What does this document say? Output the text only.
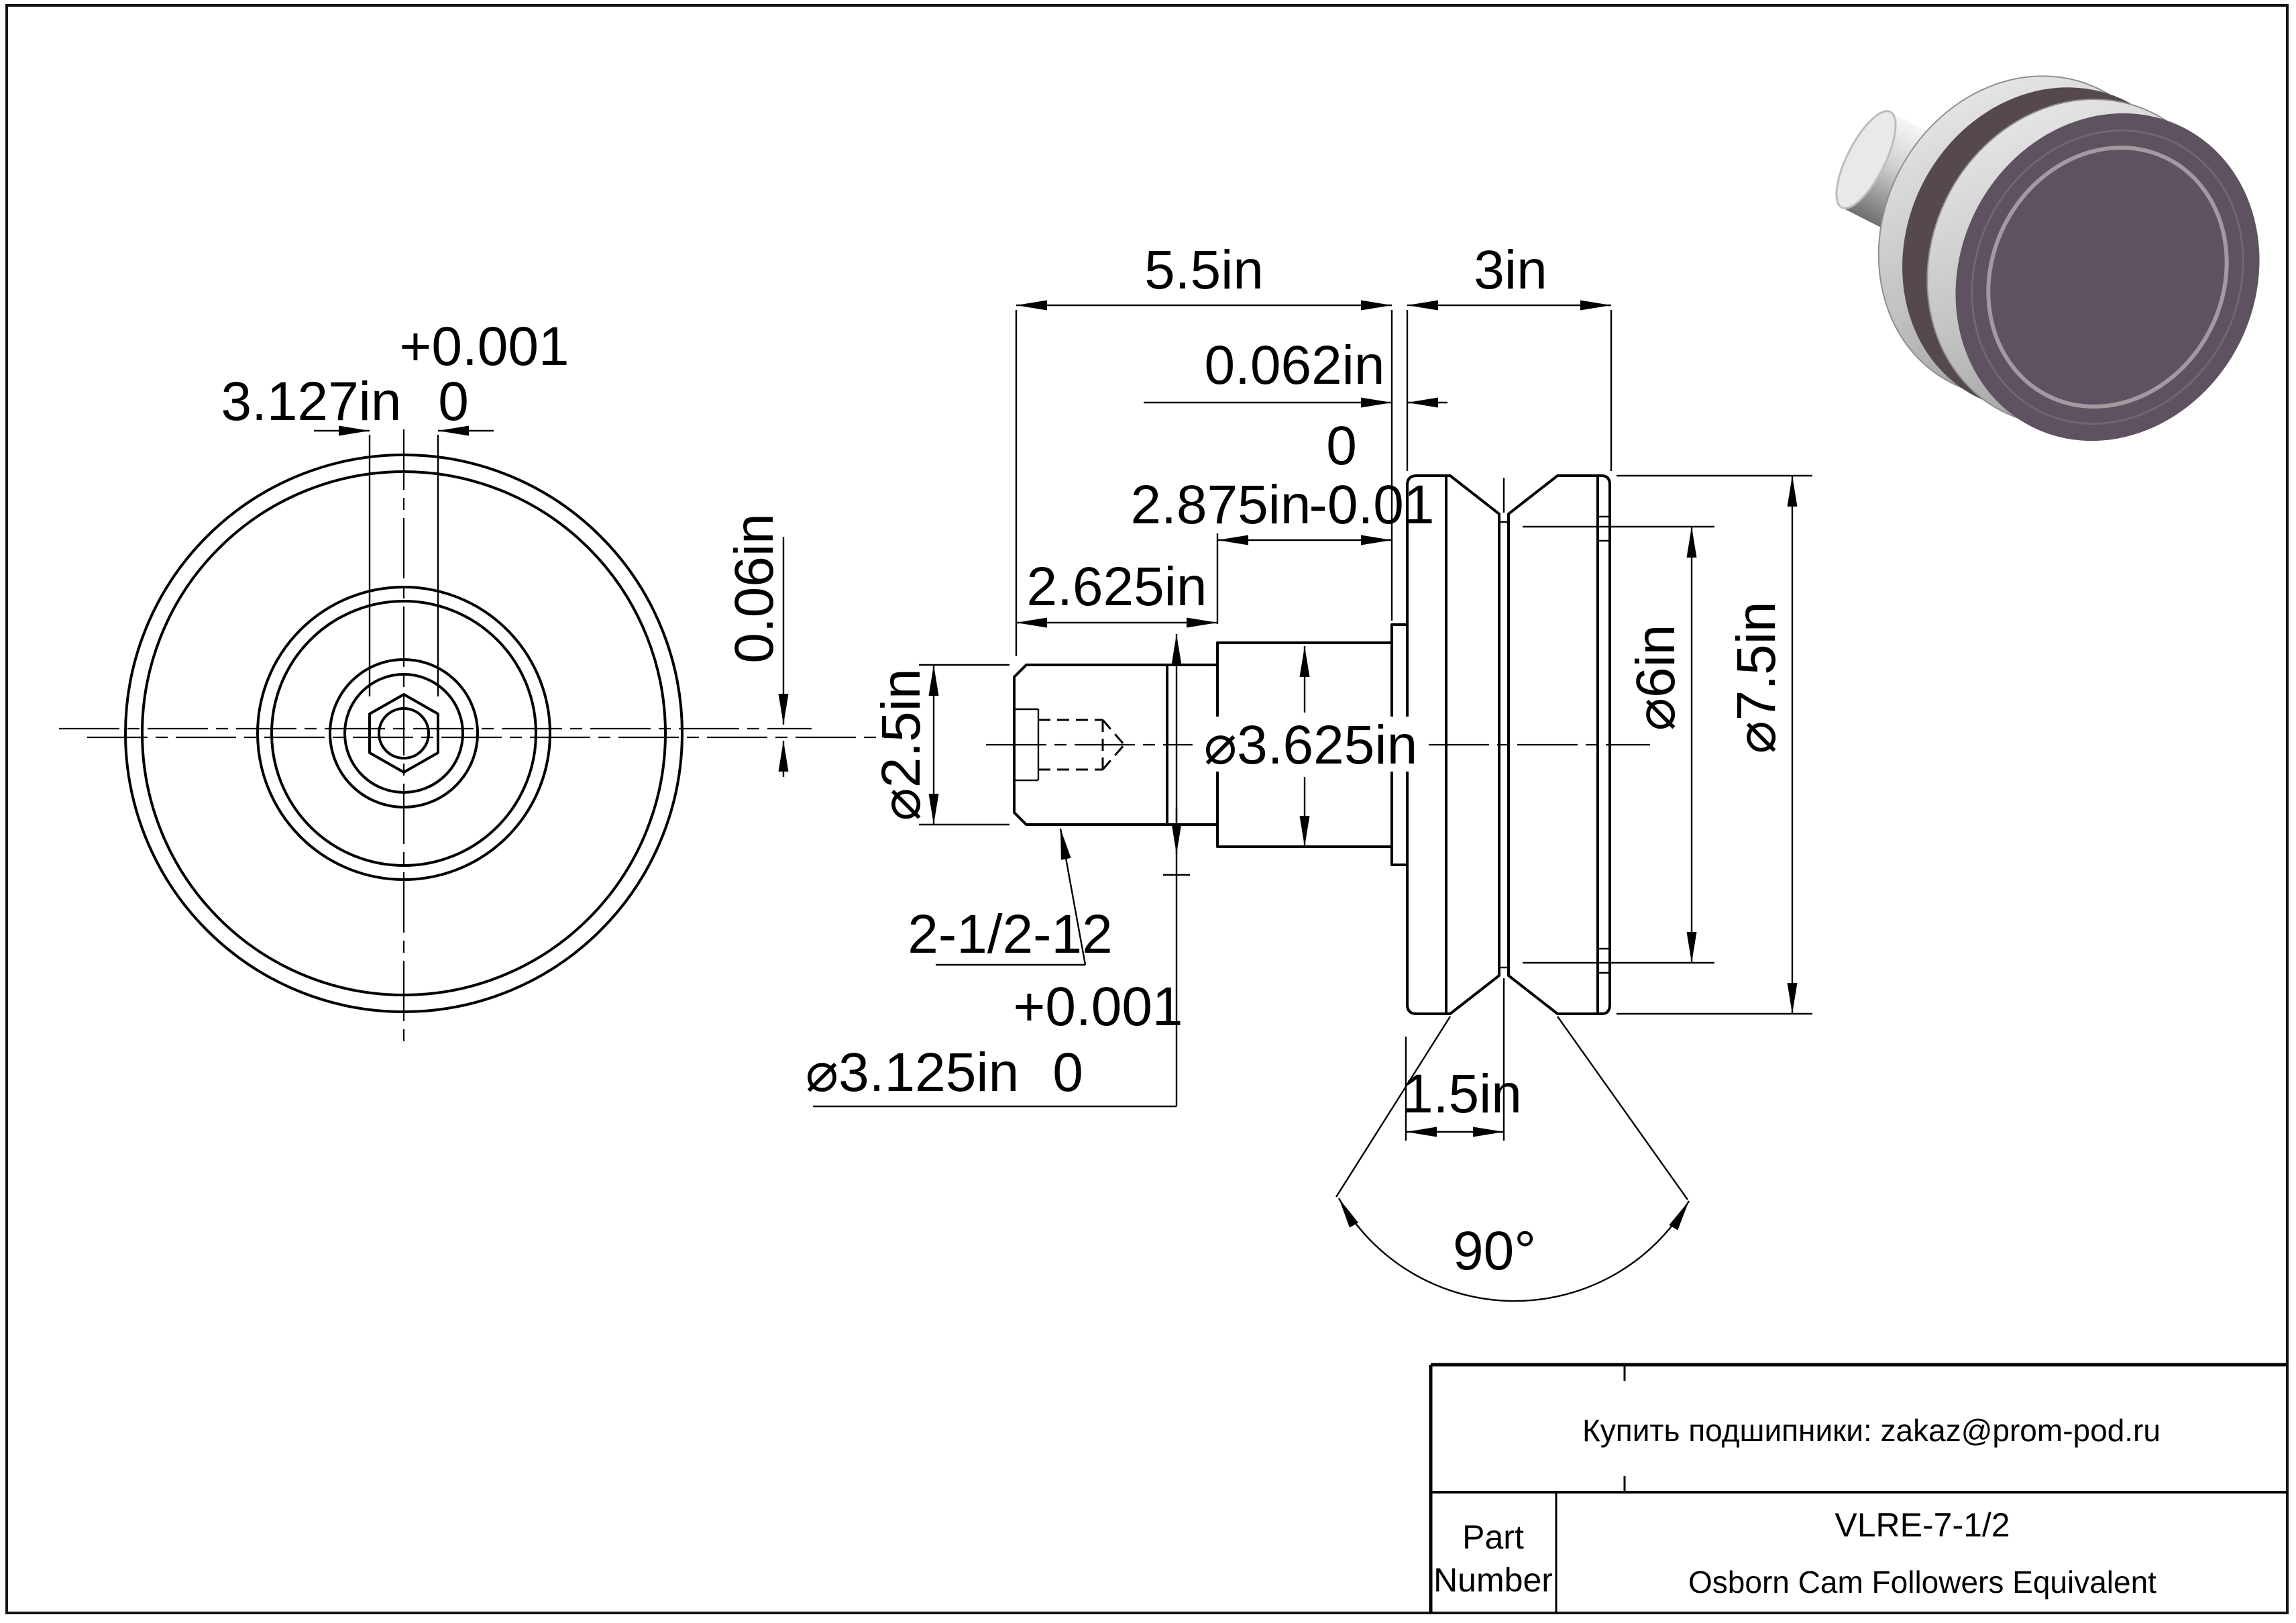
3.127in
+0.001
0
0.06in
5.5in	3in
0.062in
2.875in
0
-0.01
2.625in
⌀2.5in	⌀3.625in
2-1/2-12
⌀3.125in
+0.001
0	1.5in
90°
⌀6in ⌀7.5in
Купить подшипники: zakaz@prom-pod.ru
Part
Number
VLRE-7-1/2
Osborn Cam Followers Equivalent
